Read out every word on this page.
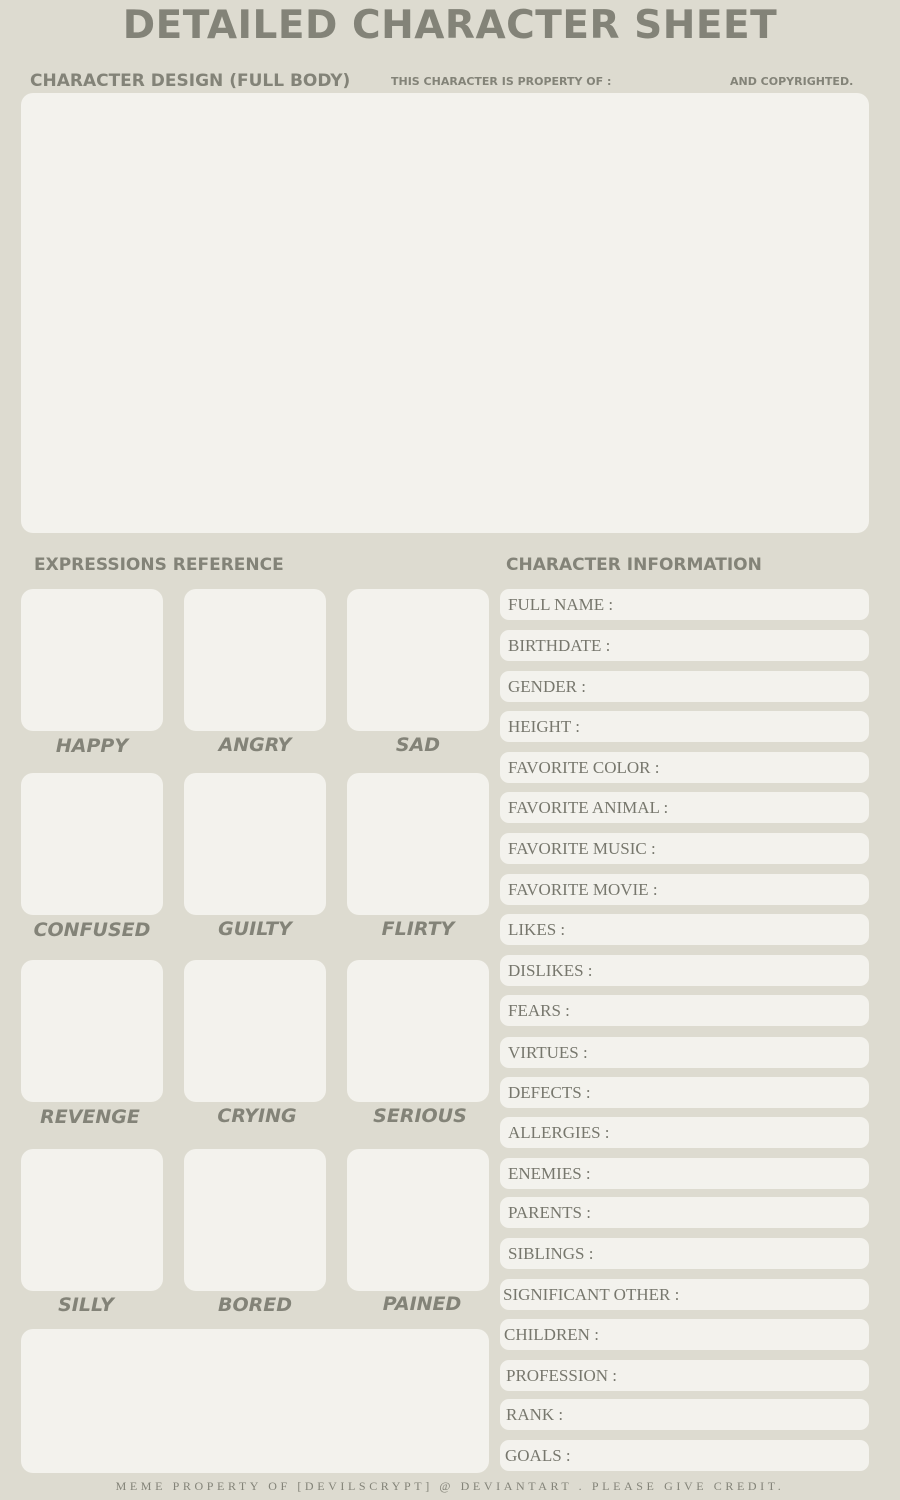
DETAILED CHARACTER SHEET
CHARACTER DESIGN (FULL BODY)	THIS CHARACTER IS PROPERTY OF :	AND COPYRIGHTED.
EXPRESSIONS REFERENCE	CHARACTER INFORMATION
HAPPY	ANGRY	SAD
CONFUSED	GUILTY	FLIRTY
REVENGE	CRYING	SERIOUS
SILLY	BORED	PAINED
FULL NAME :
BIRTHDATE :
GENDER :
HEIGHT :
FAVORITE COLOR :
FAVORITE ANIMAL :
FAVORITE MUSIC :
FAVORITE MOVIE :
LIKES :
DISLIKES :
FEARS :
VIRTUES :
DEFECTS :
ALLERGIES :
ENEMIES :
PARENTS :
SIBLINGS :
SIGNIFICANT OTHER :
CHILDREN :
PROFESSION :
RANK :
GOALS :
MEME PROPERTY OF [DEVILSCRYPT] @ DEVIANTART . PLEASE GIVE CREDIT.
